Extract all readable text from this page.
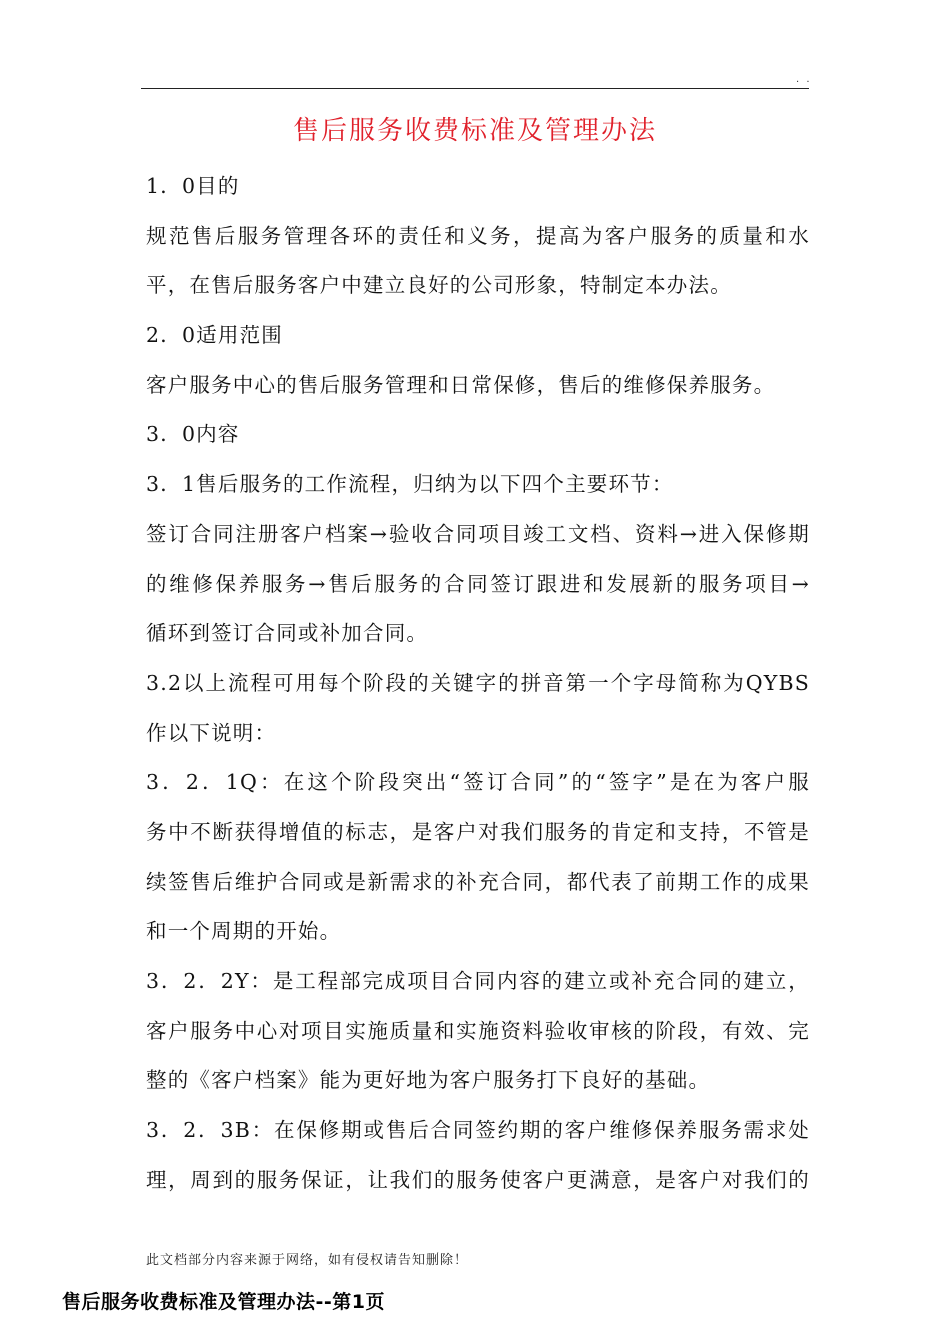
. .
售后服务收费标准及管理办法
1．0目的
规范售后服务管理各环的责任和义务，提高为客户服务的质量和水
平，在售后服务客户中建立良好的公司形象，特制定本办法。
2．0适用范围
客户服务中心的售后服务管理和日常保修，售后的维修保养服务。
3．0内容
3．1售后服务的工作流程，归纳为以下四个主要环节：
签订合同注册客户档案→验收合同项目竣工文档、资料→进入保修期
的维修保养服务→售后服务的合同签订跟进和发展新的服务项目→
循环到签订合同或补加合同。
3.2以上流程可用每个阶段的关键字的拼音第一个字母简称为QYBS
作以下说明：
3．2．1Q：在这个阶段突出“签订合同”的“签字”是在为客户服
务中不断获得增值的标志，是客户对我们服务的肯定和支持，不管是
续签售后维护合同或是新需求的补充合同，都代表了前期工作的成果
和一个周期的开始。
3．2．2Y：是工程部完成项目合同内容的建立或补充合同的建立，
客户服务中心对项目实施质量和实施资料验收审核的阶段，有效、完
整的《客户档案》能为更好地为客户服务打下良好的基础。
3．2．3B：在保修期或售后合同签约期的客户维修保养服务需求处
理，周到的服务保证，让我们的服务使客户更满意，是客户对我们的
此文档部分内容来源于网络，如有侵权请告知删除！
售后服务收费标准及管理办法--第1页
